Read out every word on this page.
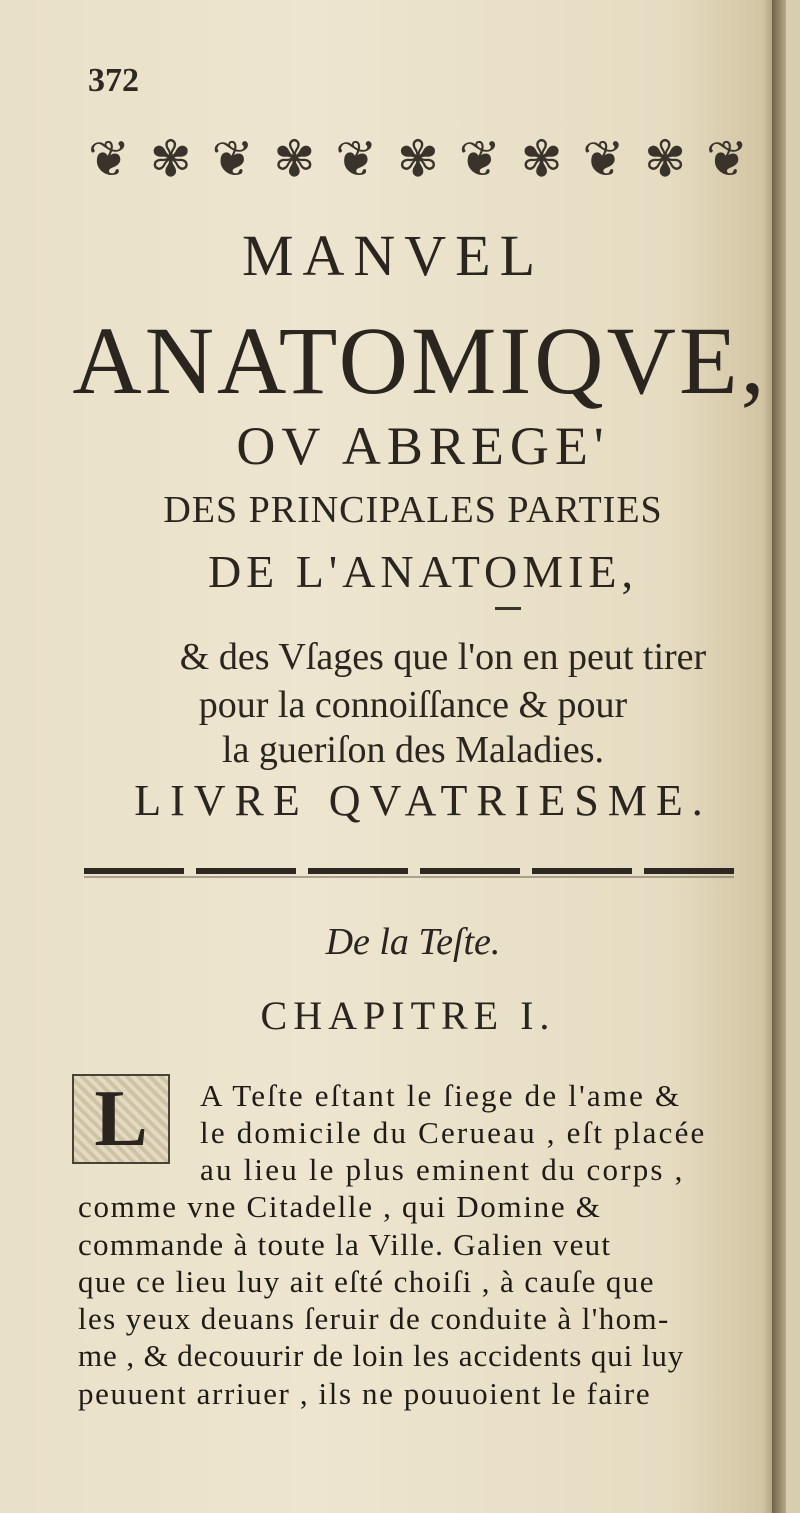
372
❦ ✾ ❦ ✾ ❦ ✾ ❦ ✾ ❦ ✾ ❦
MANVEL
ANATOMIQVE,
OV ABREGE'
DES PRINCIPALES PARTIES
DE L'ANATOMIE,
& des Vſages que l'on en peut tirer
pour la connoiſſance & pour
la gueriſon des Maladies.
LIVRE QVATRIESME.
De la Teſte.
CHAPITRE I.
L A Teſte eſtant le ſiege de l'ame &
le domicile du Cerueau , eſt placée
au lieu le plus eminent du corps ,
comme vne Citadelle , qui Domine &
commande à toute la Ville. Galien veut
que ce lieu luy ait eſté choiſi , à cauſe que
les yeux deuans ſeruir de conduite à l'hom-
me , & decouurir de loin les accidents qui luy
peuuent arriuer , ils ne pouuoient le faire
